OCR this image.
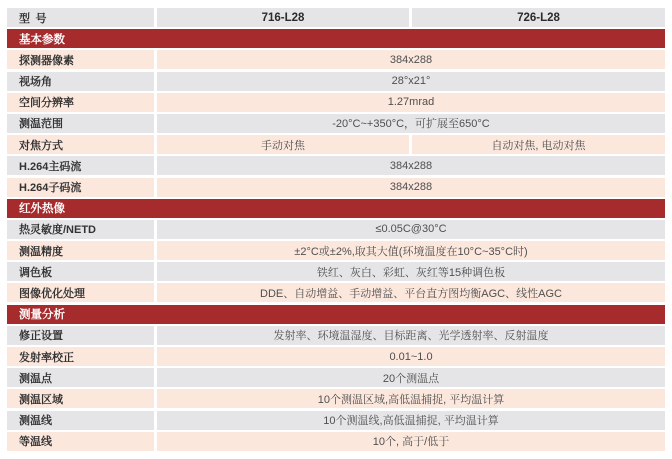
型 号	716-L28	726-L28
基本参数
探测器像素	384x288
视场角	28°x21°
空间分辨率	1.27mrad
测温范围	-20°C~+350°C，可扩展至650°C
对焦方式	手动对焦	自动对焦, 电动对焦
H.264主码流	384x288
H.264子码流	384x288
红外热像
热灵敏度/NETD	≤0.05C@30°C
测温精度	±2°C或±2%,取其大值(环境温度在10°C~35°C时)
调色板	铁红、灰白、彩虹、灰红等15种调色板
图像优化处理	DDE、自动增益、手动增益、平台直方图均衡AGC、线性AGC
测量分析
修正设置	发射率、环境温湿度、目标距离、光学透射率、反射温度
发射率校正	0.01~1.0
测温点	20个测温点
测温区域	10个测温区域,高低温捕捉, 平均温计算
测温线	10个测温线,高低温捕捉, 平均温计算
等温线	10个, 高于/低于
